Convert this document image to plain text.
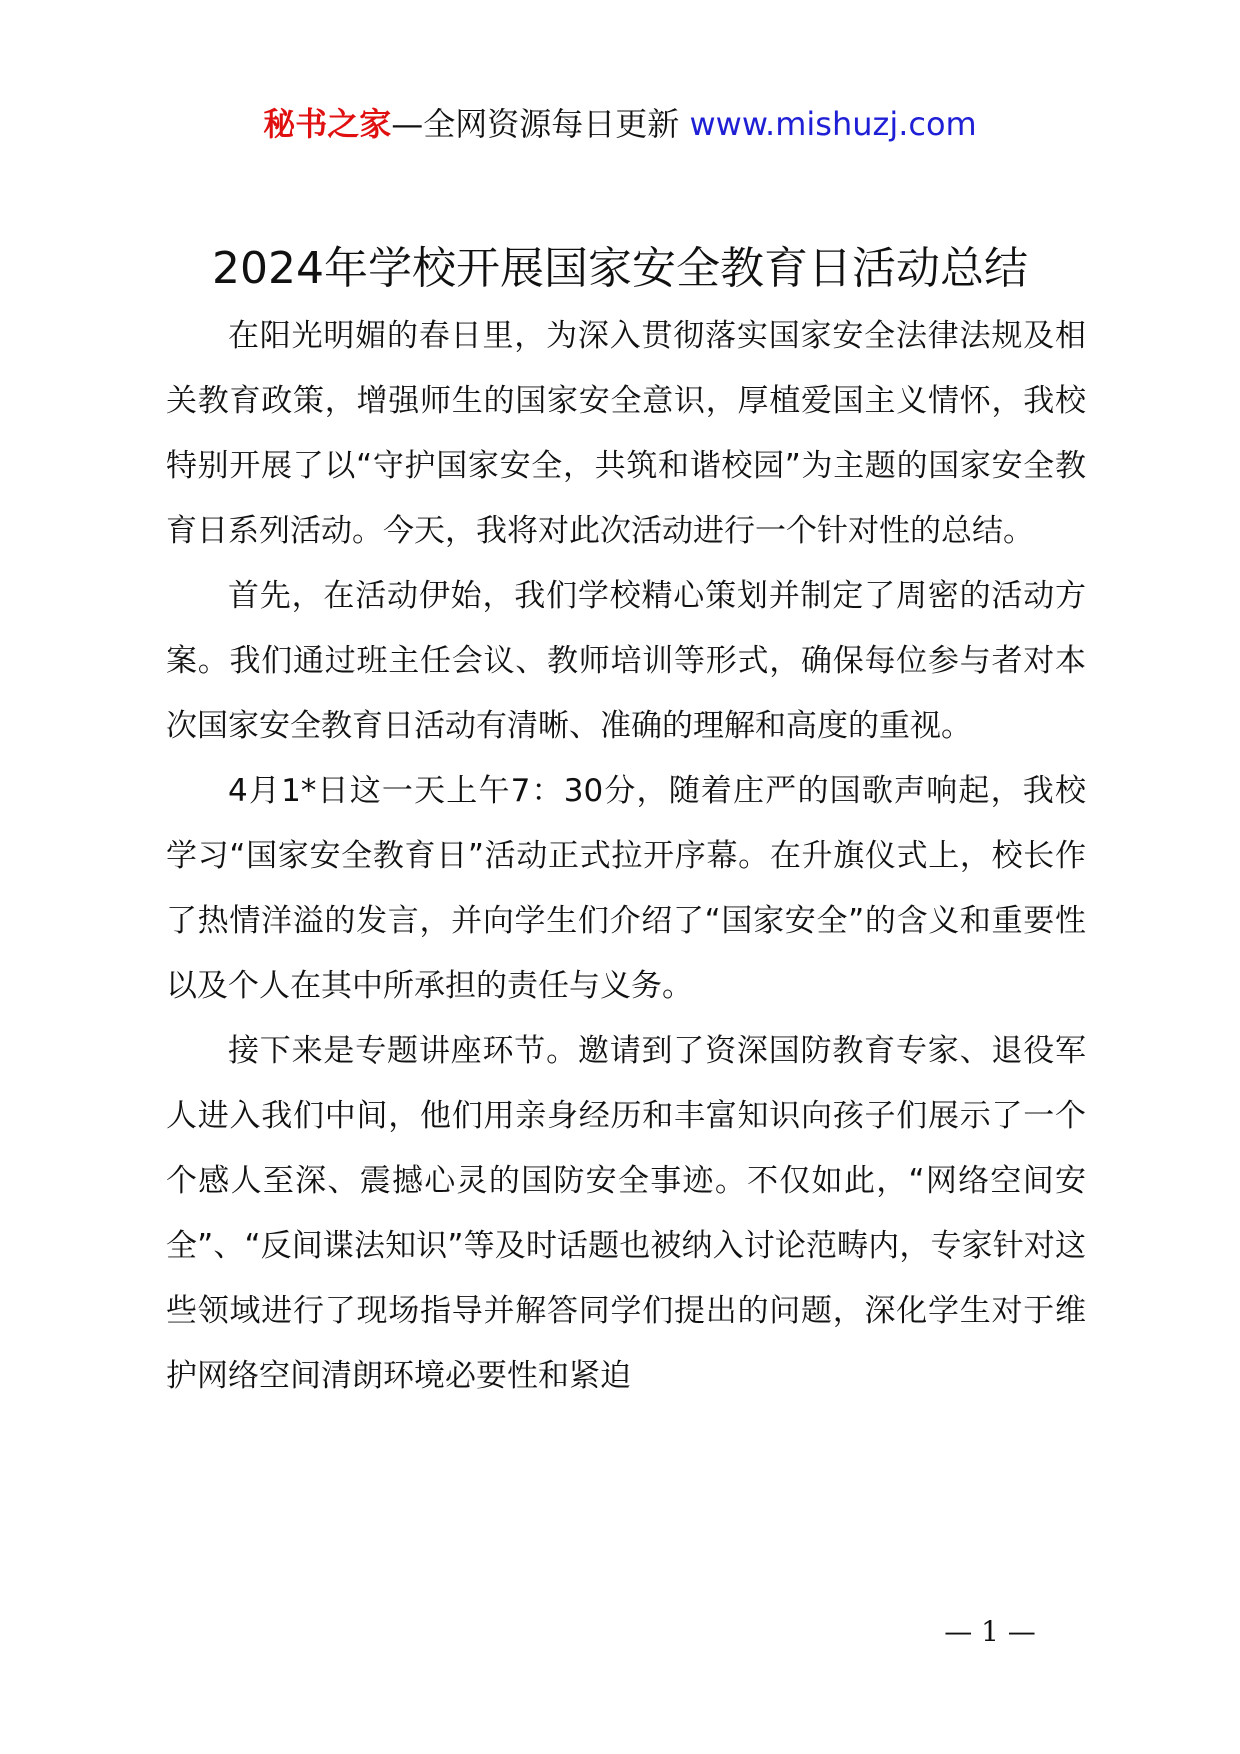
秘书之家—全网资源每日更新 www.mishuzj.com
2024年学校开展国家安全教育日活动总结

在阳光明媚的春日里，为深入贯彻落实国家安全法律法规及相关教育政策，增强师生的国家安全意识，厚植爱国主义情怀，我校特别开展了以“守护国家安全，共筑和谐校园”为主题的国家安全教育日系列活动。今天，我将对此次活动进行一个针对性的总结。

首先，在活动伊始，我们学校精心策划并制定了周密的活动方案。我们通过班主任会议、教师培训等形式，确保每位参与者对本次国家安全教育日活动有清晰、准确的理解和高度的重视。

4月1*日这一天上午7：30分，随着庄严的国歌声响起，我校学习“国家安全教育日”活动正式拉开序幕。在升旗仪式上，校长作了热情洋溢的发言，并向学生们介绍了“国家安全”的含义和重要性以及个人在其中所承担的责任与义务。

接下来是专题讲座环节。邀请到了资深国防教育专家、退役军人进入我们中间，他们用亲身经历和丰富知识向孩子们展示了一个个感人至深、震撼心灵的国防安全事迹。不仅如此，“网络空间安全”、“反间谍法知识”等及时话题也被纳入讨论范畴内，专家针对这些领域进行了现场指导并解答同学们提出的问题，深化学生对于维护网络空间清朗环境必要性和紧迫

— 1 —
